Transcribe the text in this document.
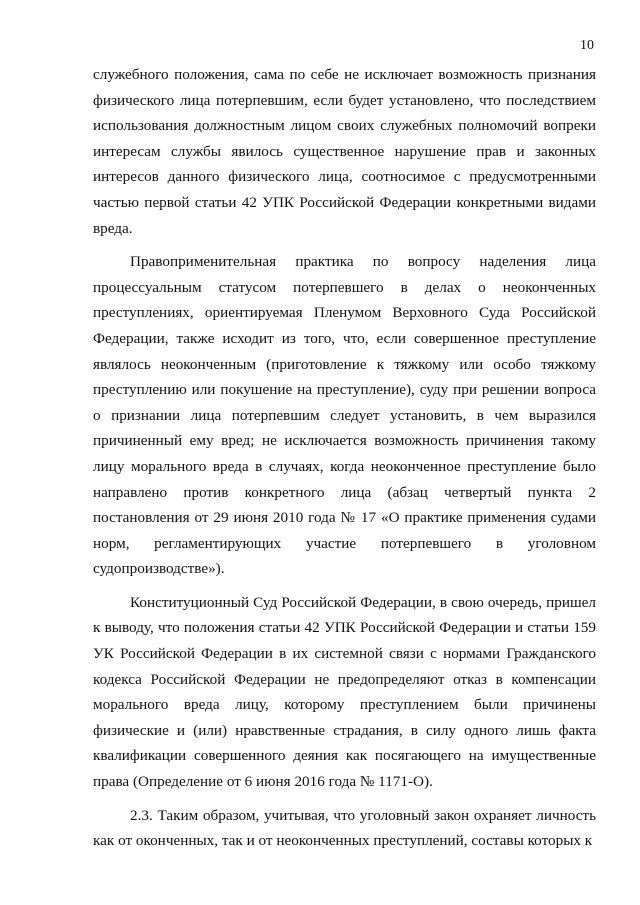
10

служебного положения, сама по себе не исключает возможность признания физического лица потерпевшим, если будет установлено, что последствием использования должностным лицом своих служебных полномочий вопреки интересам службы явилось существенное нарушение прав и законных интересов данного физического лица, соотносимое с предусмотренными частью первой статьи 42 УПК Российской Федерации конкретными видами вреда.

Правоприменительная практика по вопросу наделения лица процессуальным статусом потерпевшего в делах о неоконченных преступлениях, ориентируемая Пленумом Верховного Суда Российской Федерации, также исходит из того, что, если совершенное преступление являлось неоконченным (приготовление к тяжкому или особо тяжкому преступлению или покушение на преступление), суду при решении вопроса о признании лица потерпевшим следует установить, в чем выразился причиненный ему вред; не исключается возможность причинения такому лицу морального вреда в случаях, когда неоконченное преступление было направлено против конкретного лица (абзац четвертый пункта 2 постановления от 29 июня 2010 года № 17 «О практике применения судами норм, регламентирующих участие потерпевшего в уголовном судопроизводстве»).

Конституционный Суд Российской Федерации, в свою очередь, пришел к выводу, что положения статьи 42 УПК Российской Федерации и статьи 159 УК Российской Федерации в их системной связи с нормами Гражданского кодекса Российской Федерации не предопределяют отказ в компенсации морального вреда лицу, которому преступлением были причинены физические и (или) нравственные страдания, в силу одного лишь факта квалификации совершенного деяния как посягающего на имущественные права (Определение от 6 июня 2016 года № 1171-О).

2.3. Таким образом, учитывая, что уголовный закон охраняет личность как от оконченных, так и от неоконченных преступлений, составы которых к
